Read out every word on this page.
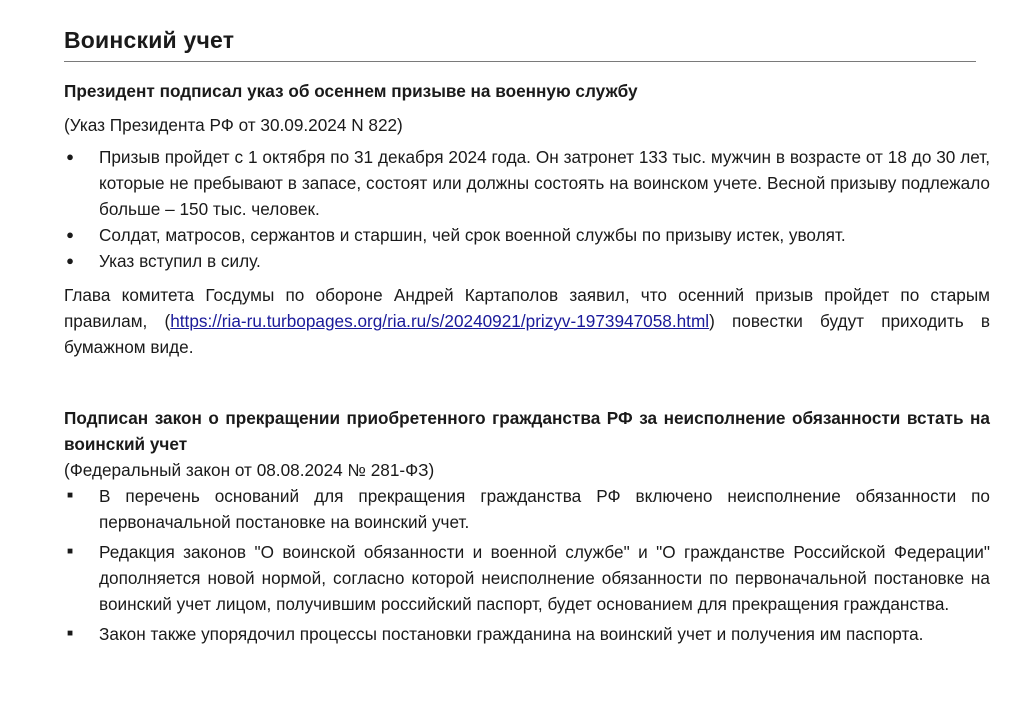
Воинский учет
Президент подписал указ об осеннем призыве на военную службу
(Указ Президента РФ от 30.09.2024 N 822)
● Призыв пройдет с 1 октября по 31 декабря 2024 года. Он затронет 133 тыс. мужчин в возрасте от 18 до 30 лет, которые не пребывают в запасе, состоят или должны состоять на воинском учете. Весной призыву подлежало больше – 150 тыс. человек.
● Солдат, матросов, сержантов и старшин, чей срок военной службы по призыву истек, уволят.
● Указ вступил в силу.
Глава комитета Госдумы по обороне Андрей Картаполов заявил, что осенний призыв пройдет по старым правилам, (https://ria-ru.turbopages.org/ria.ru/s/20240921/prizyv-1973947058.html) повестки будут приходить в бумажном виде.
Подписан закон о прекращении приобретенного гражданства РФ за неисполнение обязанности встать на воинский учет
(Федеральный закон от 08.08.2024 № 281-ФЗ)
■ В перечень оснований для прекращения гражданства РФ включено неисполнение обязанности по первоначальной постановке на воинский учет.
■ Редакция законов "О воинской обязанности и военной службе" и "О гражданстве Российской Федерации" дополняется новой нормой, согласно которой неисполнение обязанности по первоначальной постановке на воинский учет лицом, получившим российский паспорт, будет основанием для прекращения гражданства.
■ Закон также упорядочил процессы постановки гражданина на воинский учет и получения им паспорта.
